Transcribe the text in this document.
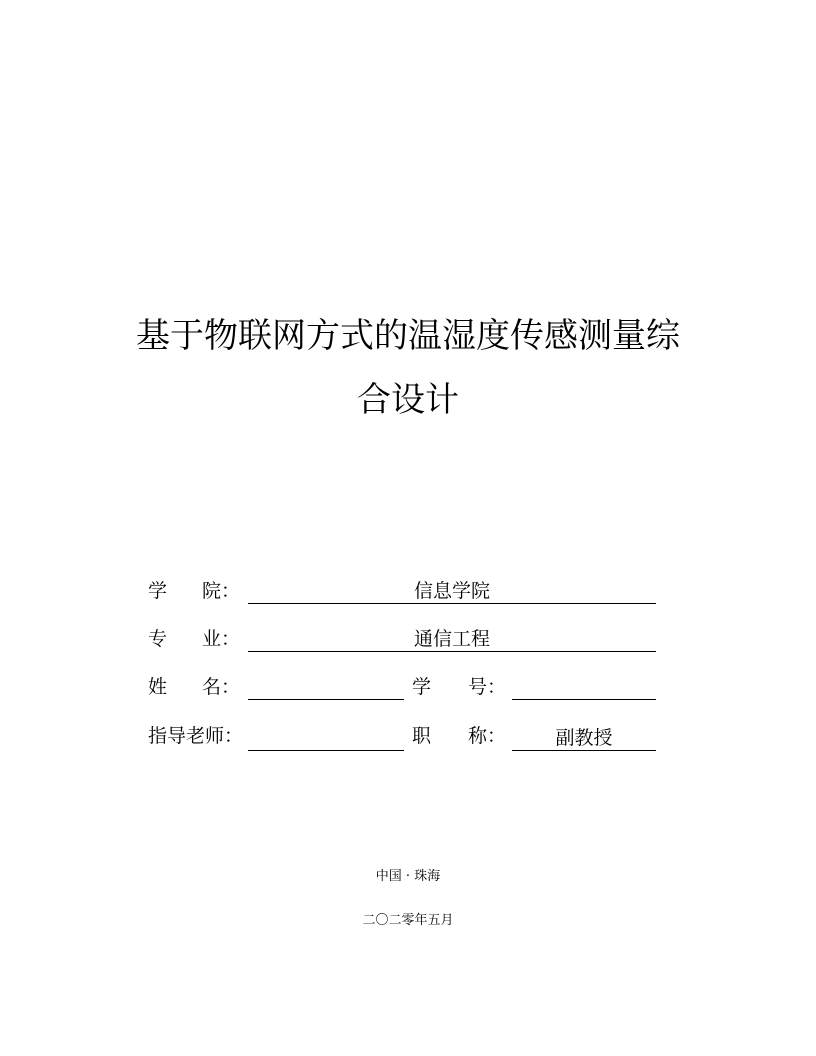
基于物联网方式的温湿度传感测量综
合设计
学 院：	信息学院
专 业：	通信工程
姓 名：	学 号：
指导老师：	职 称：	副教授
中国 · 珠海
二〇二零年五月
